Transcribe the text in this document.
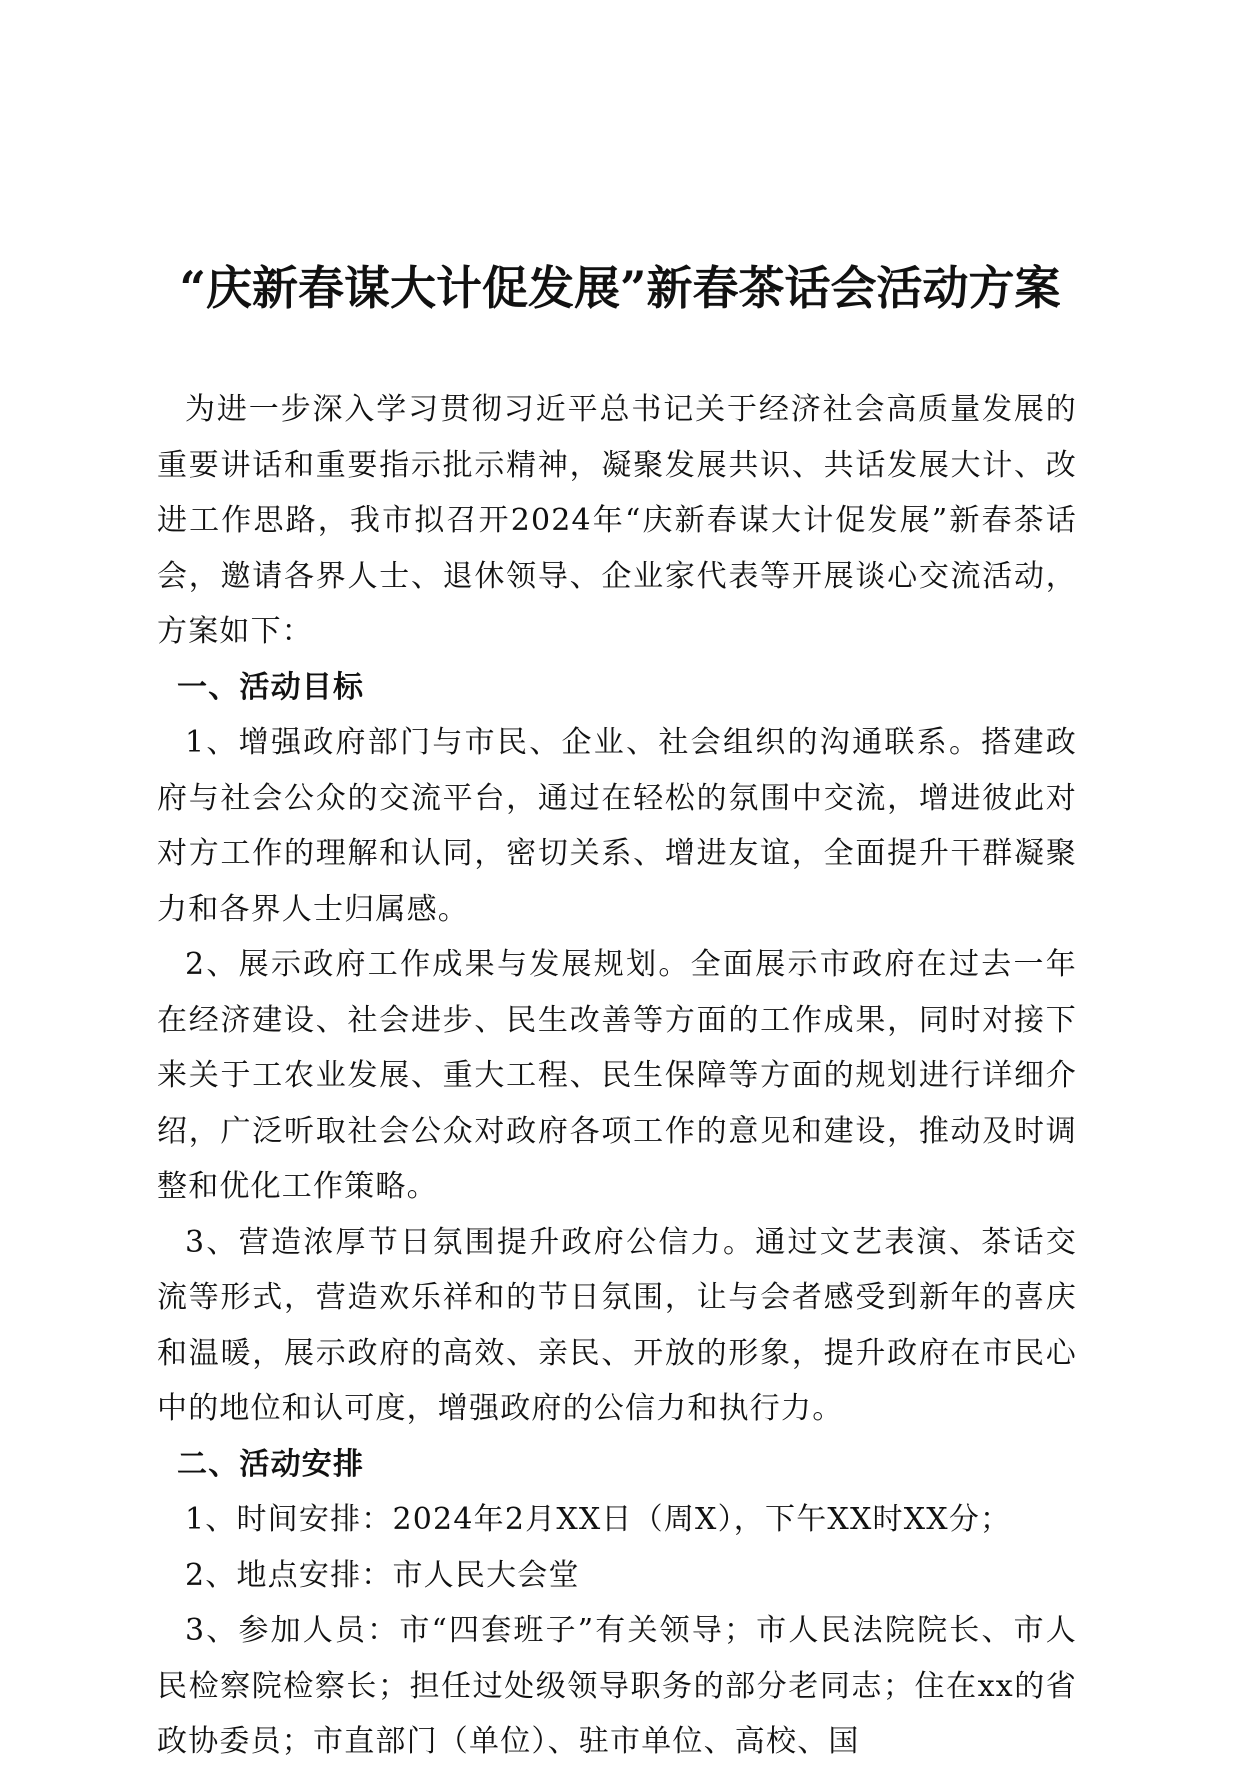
“庆新春谋大计促发展”新春茶话会活动方案

为进一步深入学习贯彻习近平总书记关于经济社会高质量发展的重要讲话和重要指示批示精神，凝聚发展共识、共话发展大计、改进工作思路，我市拟召开2024年“庆新春谋大计促发展”新春茶话会，邀请各界人士、退休领导、企业家代表等开展谈心交流活动，方案如下：

一、活动目标

1、增强政府部门与市民、企业、社会组织的沟通联系。搭建政府与社会公众的交流平台，通过在轻松的氛围中交流，增进彼此对对方工作的理解和认同，密切关系、增进友谊，全面提升干群凝聚力和各界人士归属感。

2、展示政府工作成果与发展规划。全面展示市政府在过去一年在经济建设、社会进步、民生改善等方面的工作成果，同时对接下来关于工农业发展、重大工程、民生保障等方面的规划进行详细介绍，广泛听取社会公众对政府各项工作的意见和建设，推动及时调整和优化工作策略。

3、营造浓厚节日氛围提升政府公信力。通过文艺表演、茶话交流等形式，营造欢乐祥和的节日氛围，让与会者感受到新年的喜庆和温暖，展示政府的高效、亲民、开放的形象，提升政府在市民心中的地位和认可度，增强政府的公信力和执行力。

二、活动安排

1、时间安排：2024年2月XX日（周X），下午XX时XX分；

2、地点安排：市人民大会堂

3、参加人员：市“四套班子”有关领导；市人民法院院长、市人民检察院检察长；担任过处级领导职务的部分老同志；住在xx的省政协委员；市直部门（单位）、驻市单位、高校、国
